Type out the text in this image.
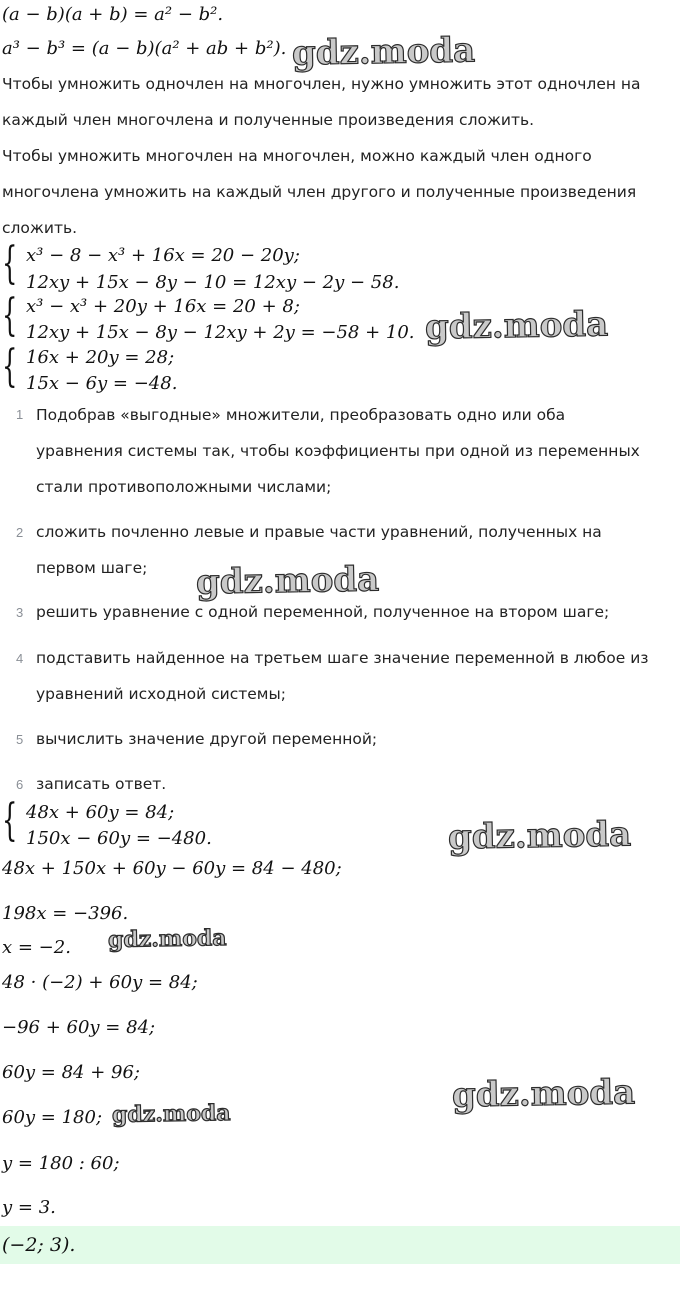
(a − b)(a + b) = a² − b².
a³ − b³ = (a − b)(a² + ab + b²). gdz.moda
Чтобы умножить одночлен на многочлен, нужно умножить этот одночлен на
каждый член многочлена и полученные произведения сложить.
Чтобы умножить многочлен на многочлен, можно каждый член одного
многочлена умножить на каждый член другого и полученные произведения
сложить.
{ x³ − 8 − x³ + 16x = 20 − 20y;
12xy + 15x − 8y − 10 = 12xy − 2y − 58.
{ x³ − x³ + 20y + 16x = 20 + 8;
12xy + 15x − 8y − 12xy + 2y = −58 + 10. gdz.moda
{ 16x + 20y = 28;
15x − 6y = −48.
1 Подобрав «выгодные» множители, преобразовать одно или оба
уравнения системы так, чтобы коэффициенты при одной из переменных
стали противоположными числами;
2 сложить почленно левые и правые части уравнений, полученных на
первом шаге; gdz.moda
3 решить уравнение с одной переменной, полученное на втором шаге;
4 подставить найденное на третьем шаге значение переменной в любое из
уравнений исходной системы;
5 вычислить значение другой переменной;
6 записать ответ.
{ 48x + 60y = 84;
150x − 60y = −480.	gdz.moda
48x + 150x + 60y − 60y = 84 − 480;
198x = −396.
x = −2. gdz.moda
48 · (−2) + 60y = 84;
−96 + 60y = 84;
60y = 84 + 96;	gdz.moda
60y = 180; gdz.moda
y = 180 : 60;
y = 3.
(−2; 3).
